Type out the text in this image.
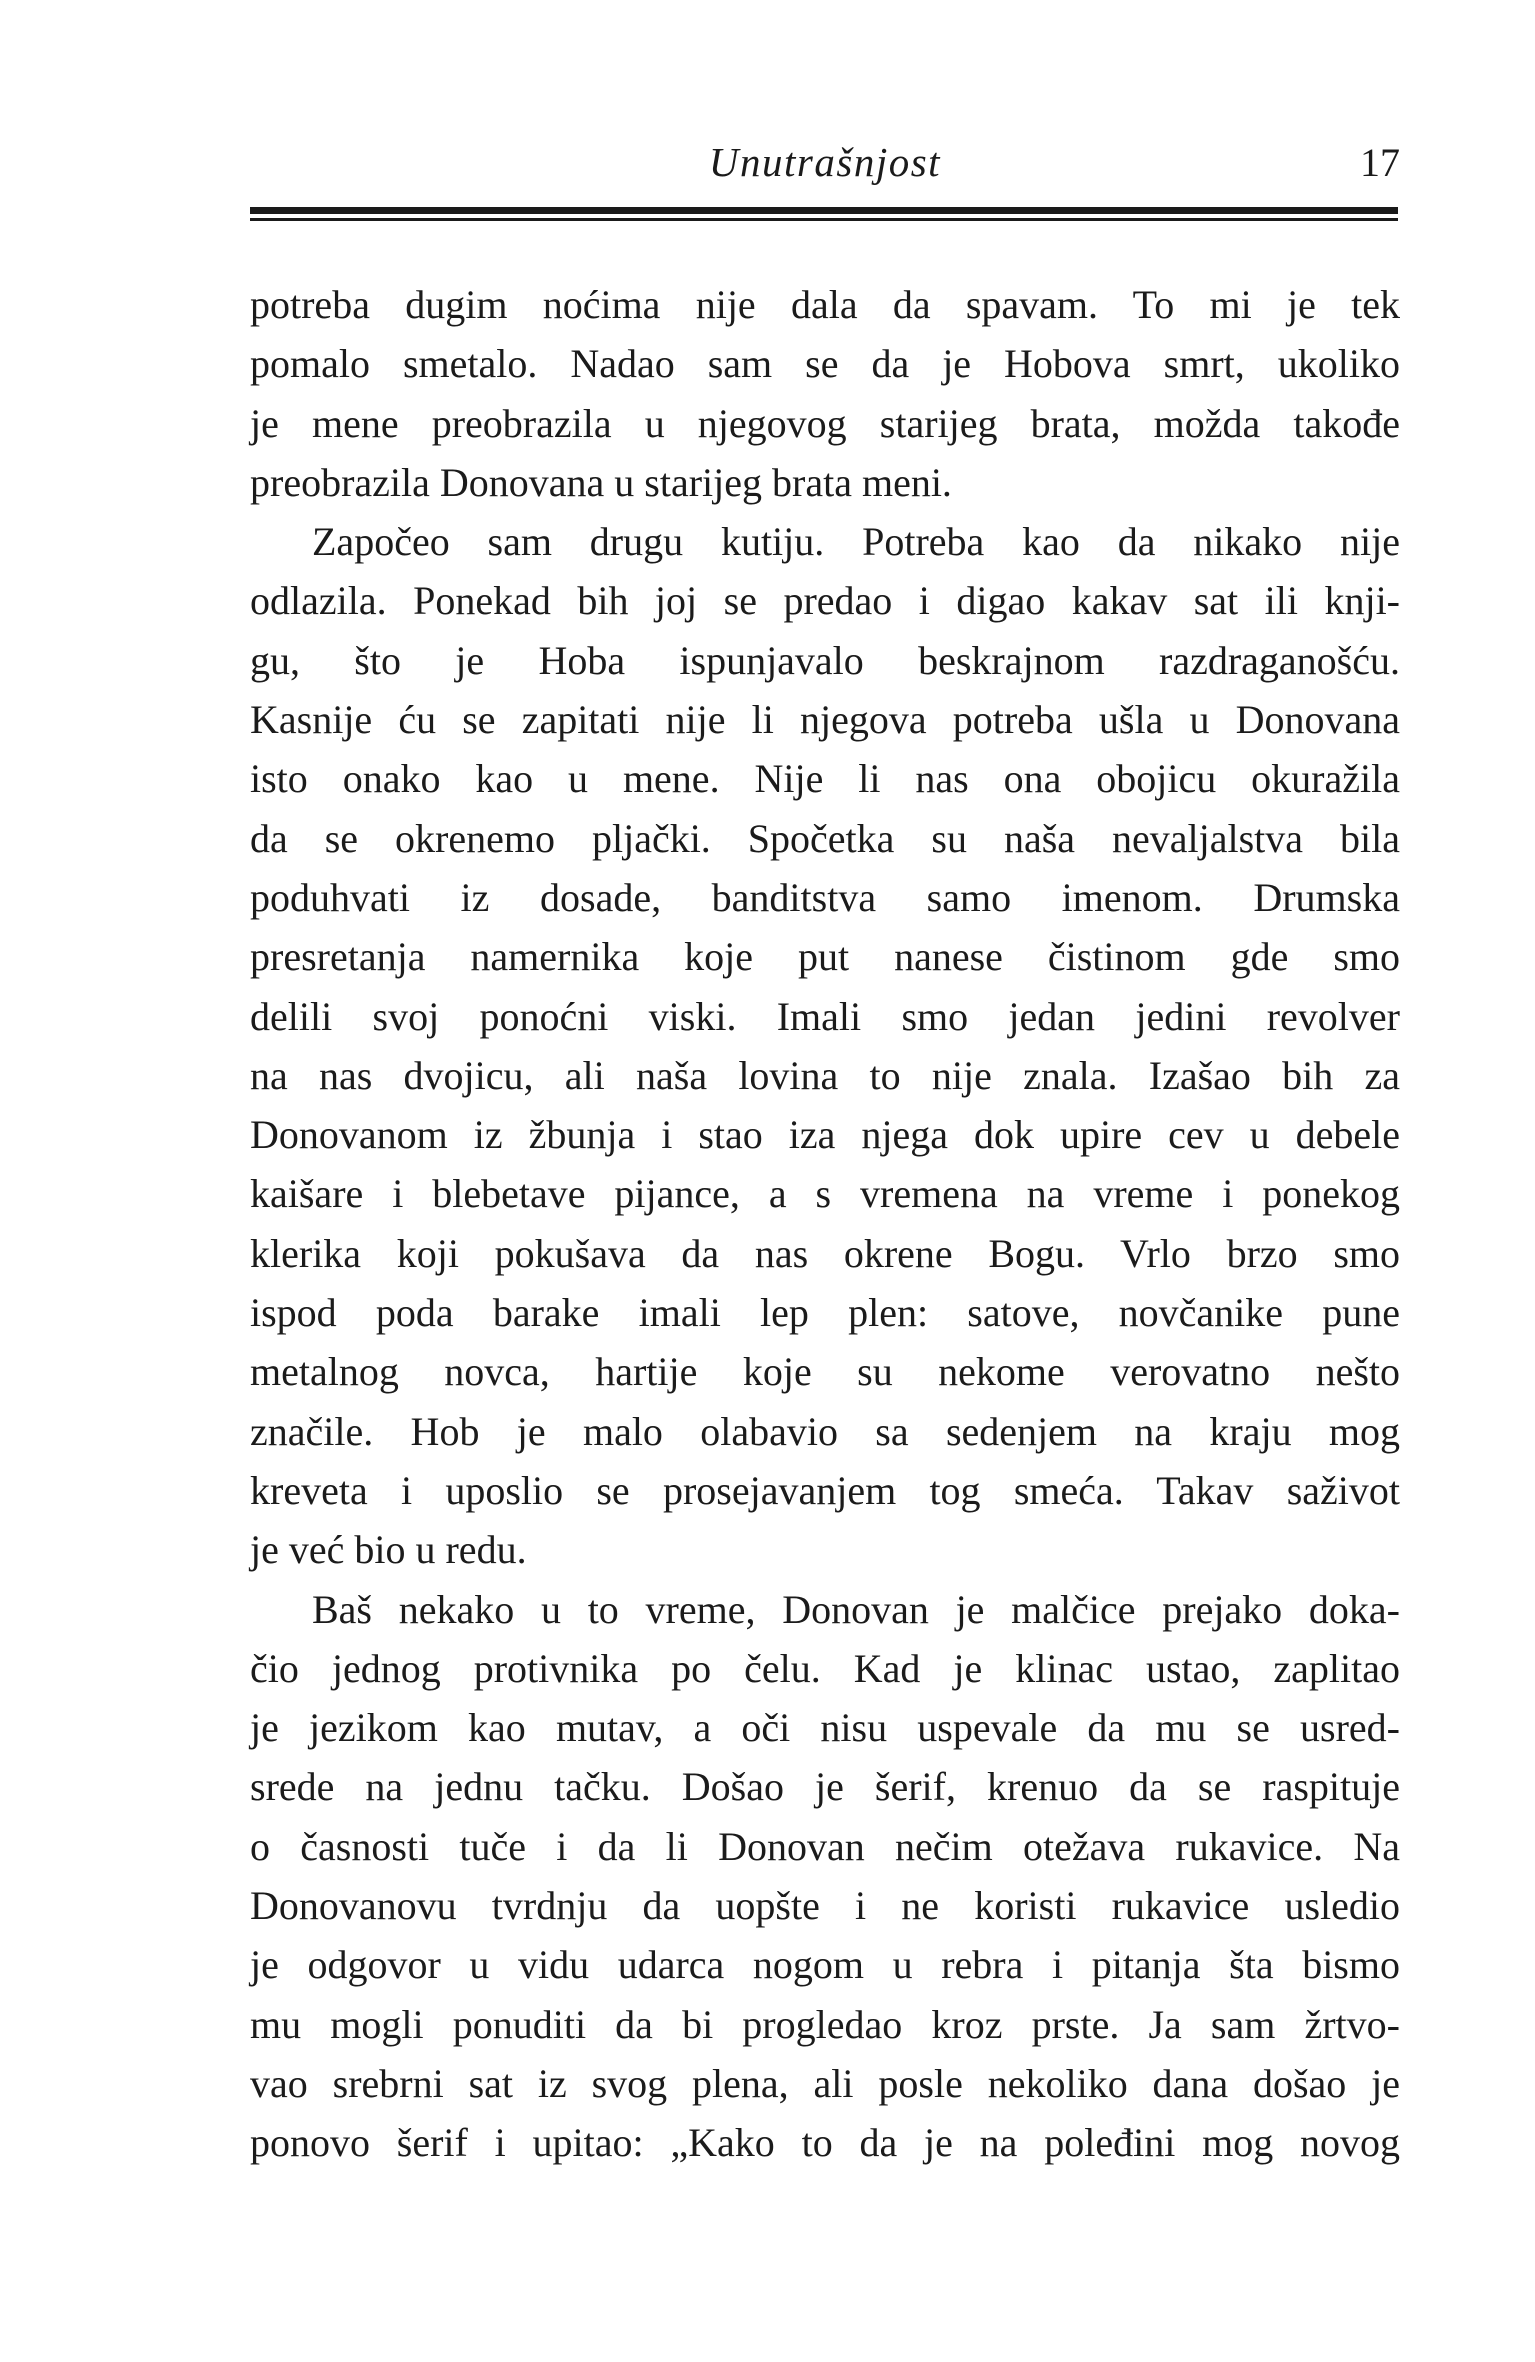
Unutrašnjost	17
potreba dugim noćima nije dala da spavam. To mi je tek
pomalo smetalo. Nadao sam se da je Hobova smrt, ukoliko
je mene preobrazila u njegovog starijeg brata, možda takođe
preobrazila Donovana u starijeg brata meni.
Započeo sam drugu kutiju. Potreba kao da nikako nije
odlazila. Ponekad bih joj se predao i digao kakav sat ili knji-
gu, što je Hoba ispunjavalo beskrajnom razdraganošću.
Kasnije ću se zapitati nije li njegova potreba ušla u Donovana
isto onako kao u mene. Nije li nas ona obojicu okuražila
da se okrenemo pljački. Spočetka su naša nevaljalstva bila
poduhvati iz dosade, banditstva samo imenom. Drumska
presretanja namernika koje put nanese čistinom gde smo
delili svoj ponoćni viski. Imali smo jedan jedini revolver
na nas dvojicu, ali naša lovina to nije znala. Izašao bih za
Donovanom iz žbunja i stao iza njega dok upire cev u debele
kaišare i blebetave pijance, a s vremena na vreme i ponekog
klerika koji pokušava da nas okrene Bogu. Vrlo brzo smo
ispod poda barake imali lep plen: satove, novčanike pune
metalnog novca, hartije koje su nekome verovatno nešto
značile. Hob je malo olabavio sa sedenjem na kraju mog
kreveta i uposlio se prosejavanjem tog smeća. Takav saživot
je već bio u redu.
Baš nekako u to vreme, Donovan je malčice prejako doka-
čio jednog protivnika po čelu. Kad je klinac ustao, zaplitao
je jezikom kao mutav, a oči nisu uspevale da mu se usred-
srede na jednu tačku. Došao je šerif, krenuo da se raspituje
o časnosti tuče i da li Donovan nečim otežava rukavice. Na
Donovanovu tvrdnju da uopšte i ne koristi rukavice usledio
je odgovor u vidu udarca nogom u rebra i pitanja šta bismo
mu mogli ponuditi da bi progledao kroz prste. Ja sam žrtvo-
vao srebrni sat iz svog plena, ali posle nekoliko dana došao je
ponovo šerif i upitao: „Kako to da je na poleđini mog novog
